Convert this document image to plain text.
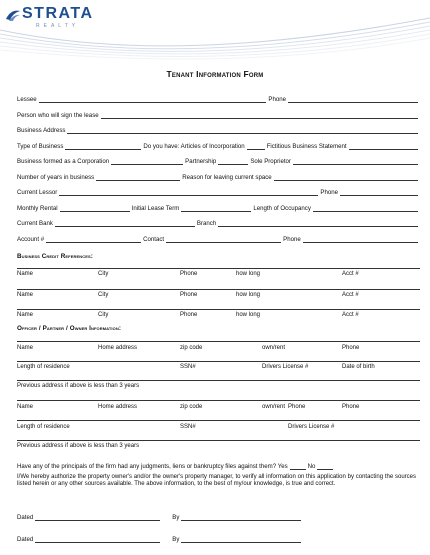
STRATA
REALTY
Tenant Information Form
Lessee	Phone
Person who will sign the lease
Business Address
Type of Business	Do you have: Articles of Incorporation	Fictitious Business Statement
Business formed as a Corporation	Partnership	Sole Proprietor
Number of years in business	Reason for leaving current space
Current Lessor	Phone
Monthly Rental	Initial Lease Term	Length of Occupancy
Current Bank	Branch
Account #	Contact	Phone
Business Credit References:
Name	City	Phone	how long	Acct #
Name	City	Phone	how long	Acct #
Name	City	Phone	how long	Acct #
Officer / Partner / Owner Information:
Name	Home address	zip code	own/rent	Phone
Length of residence	SSN#	Drivers License #	Date of birth
Previous address if above is less than 3 years
Name	Home address	zip code	own/rent Phone	Phone
Length of residence	SSN#	Drivers License #
Previous address if above is less than 3 years
Have any of the principals of the firm had any judgments, liens or bankruptcy files against them? Yes	No
I/We hereby authorize the property owner's and/or the owner's property manager, to verify all information on this application by contacting the sources listed herein or any other sources available. The above information, to the best of my/our knowledge, is true and correct.
Dated	By
Dated	By
